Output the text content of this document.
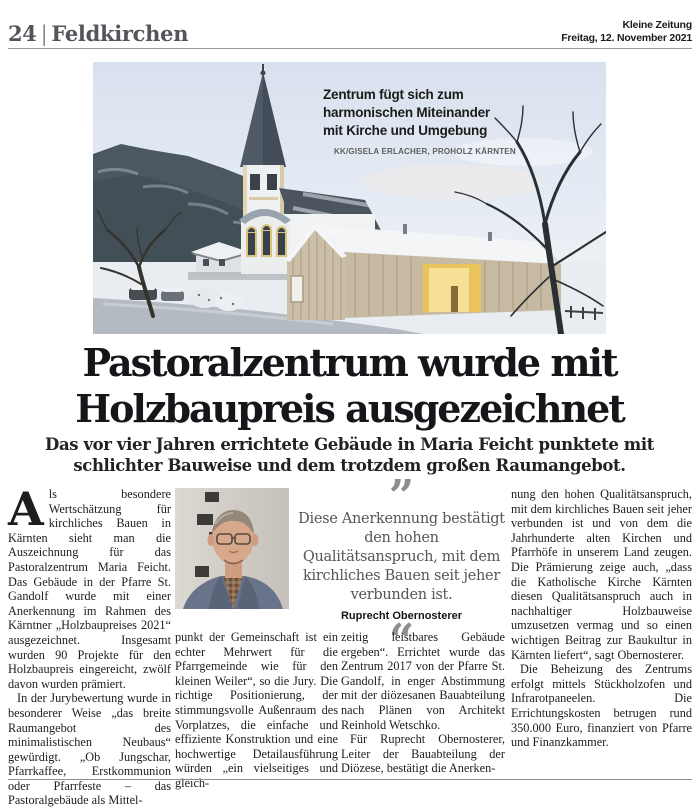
24 | Feldkirchen	Kleine Zeitung
Freitag, 12. November 2021
Zentrum fügt sich zum
harmonischen Miteinander
mit Kirche und Umgebung
KK/GISELA ERLACHER, PROHOLZ KÄRNTEN
Pastoralzentrum wurde mit
Holzbaupreis ausgezeichnet
Das vor vier Jahren errichtete Gebäude in Maria Feicht punktete mit schlichter Bauweise und dem trotzdem großen Raumangebot.

Als besondere Wertschätzung für kirchliches Bauen in Kärnten sieht man die Auszeichnung für das Pastoralzentrum Maria Feicht. Das Gebäude in der Pfarre St. Gandolf wurde mit einer Anerkennung im Rahmen des Kärntner „Holzbaupreises 2021“ ausgezeichnet. Insgesamt wurden 90 Projekte für den Holzbaupreis eingereicht, zwölf davon wurden prämiert.

In der Jurybewertung wurde in besonderer Weise „das breite Raumangebot des minimalistischen Neubaus“ gewürdigt. „Ob Jungschar, Pfarrkaffee, Erstkommunion oder Pfarrfeste – das Pastoralgebäude als Mittel-

”
Diese Anerkennung bestätigt den hohen Qualitätsanspruch, mit dem kirchliches Bauen seit jeher verbunden ist.
Ruprecht Obernosterer
“

punkt der Gemeinschaft ist ein echter Mehrwert für die Pfarrgemeinde wie für den kleinen Weiler“, so die Jury. Die richtige Positionierung, der stimmungsvolle Außenraum des Vorplatzes, die einfache und effiziente Konstruktion und eine hochwertige Detailausführung würden „ein vielseitiges und gleich-

zeitig leistbares Gebäude ergeben“. Errichtet wurde das Zentrum 2017 von der Pfarre St. Gandolf, in enger Abstimmung mit der diözesanen Bauabteilung nach Plänen von Architekt Reinhold Wetschko.

Für Ruprecht Obernosterer, Leiter der Bauabteilung der Diözese, bestätigt die Anerken-

nung den hohen Qualitätsanspruch, mit dem kirchliches Bauen seit jeher verbunden ist und von dem die Jahrhunderte alten Kirchen und Pfarrhöfe in unserem Land zeugen. Die Prämierung zeige auch, „dass die Katholische Kirche Kärnten diesen Qualitätsanspruch auch in nachhaltiger Holzbauweise umzusetzen vermag und so einen wichtigen Beitrag zur Baukultur in Kärnten liefert“, sagt Obernosterer.

Die Beheizung des Zentrums erfolgt mittels Stückholzofen und Infrarotpaneelen. Die Errichtungskosten betrugen rund 350.000 Euro, finanziert von Pfarre und Finanzkammer.
